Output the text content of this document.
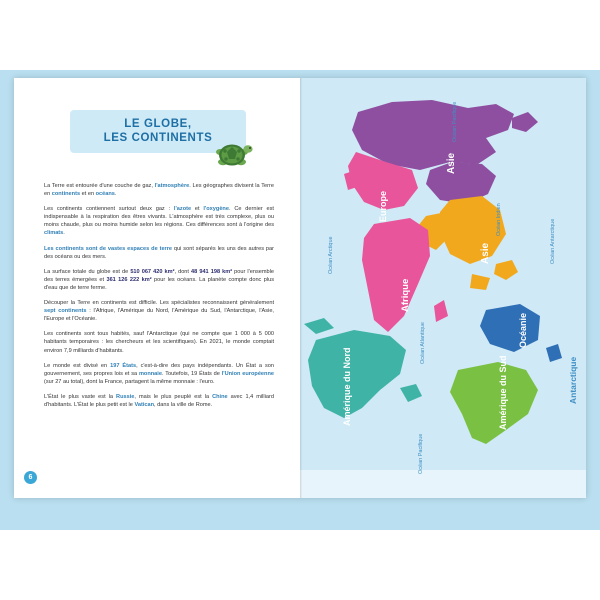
LE GLOBE,
LES CONTINENTS

La Terre est entourée d'une couche de gaz, l'atmosphère. Les géographes divisent la Terre en continents et en océans.

Les continents contiennent surtout deux gaz : l'azote et l'oxygène. Ce dernier est indispensable à la respiration des êtres vivants. L'atmosphère est très complexe, plus ou moins chaude, plus ou moins humide selon les régions. Ces différences sont à l'origine des climats.

Les continents sont de vastes espaces de terre qui sont séparés les uns des autres par des océans ou des mers.

La surface totale du globe est de 510 067 420 km², dont 48 941 198 km² pour l'ensemble des terres émergées et 361 126 222 km² pour les océans. La planète compte donc plus d'eau que de terre ferme.

Découper la Terre en continents est difficile. Les spécialistes reconnaissent généralement sept continents : l'Afrique, l'Amérique du Nord, l'Amérique du Sud, l'Antarctique, l'Asie, l'Europe et l'Océanie.

Les continents sont tous habités, sauf l'Antarctique (qui ne compte que 1 000 à 5 000 habitants temporaires : les chercheurs et les scientifiques). En 2021, le monde comptait environ 7,9 milliards d'habitants.

Le monde est divisé en 197 États, c'est-à-dire des pays indépendants. Un État a son gouvernement, ses propres lois et sa monnaie. Toutefois, 19 États de l'Union européenne (sur 27 au total), dont la France, partagent la même monnaie : l'euro.

L'État le plus vaste est la Russie, mais le plus peuplé est la Chine avec 1,4 milliard d'habitants. L'État le plus petit est le Vatican, dans la ville de Rome.

6
Asie
Asie
Europe
Afrique
Océanie
Amérique du Nord	Amérique du Sud	Antarctique
Océan Pacifique
Océan Indien
Océan Arctique	Océan Antarctique
Océan Atlantique
Océan Pacifique
